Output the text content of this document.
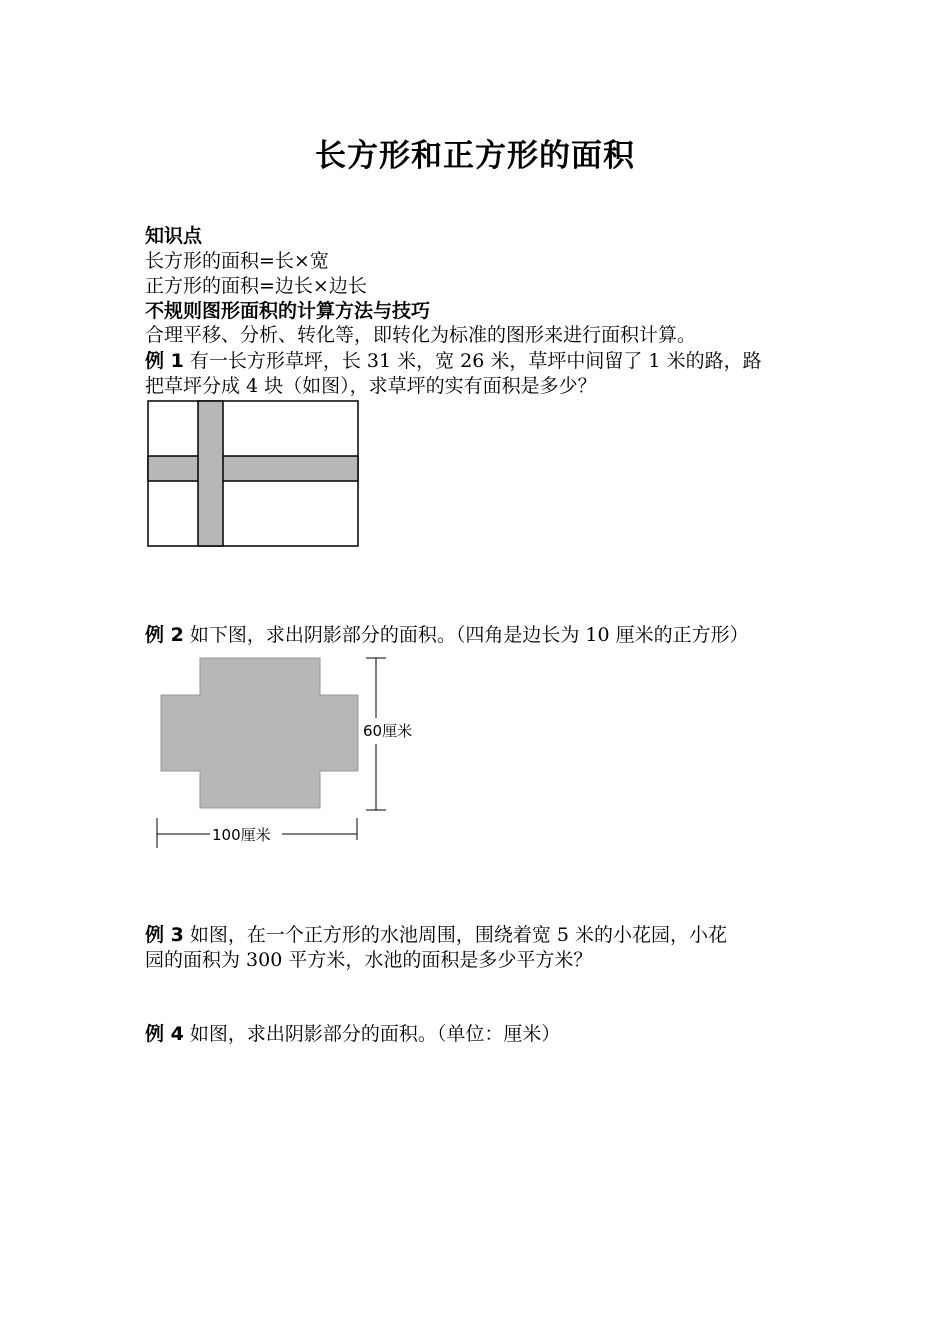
长方形和正方形的面积
知识点
长方形的面积=长×宽
正方形的面积=边长×边长
不规则图形面积的计算方法与技巧
合理平移、分析、转化等，即转化为标准的图形来进行面积计算。
例 1 有一长方形草坪，长 31 米，宽 26 米，草坪中间留了 1 米的路，路
把草坪分成 4 块（如图），求草坪的实有面积是多少？
例 2 如下图，求出阴影部分的面积。（四角是边长为 10 厘米的正方形）
60厘米
100厘米
例 3 如图，在一个正方形的水池周围，围绕着宽 5 米的小花园，小花
园的面积为 300 平方米，水池的面积是多少平方米？
例 4 如图，求出阴影部分的面积。（单位：厘米）
